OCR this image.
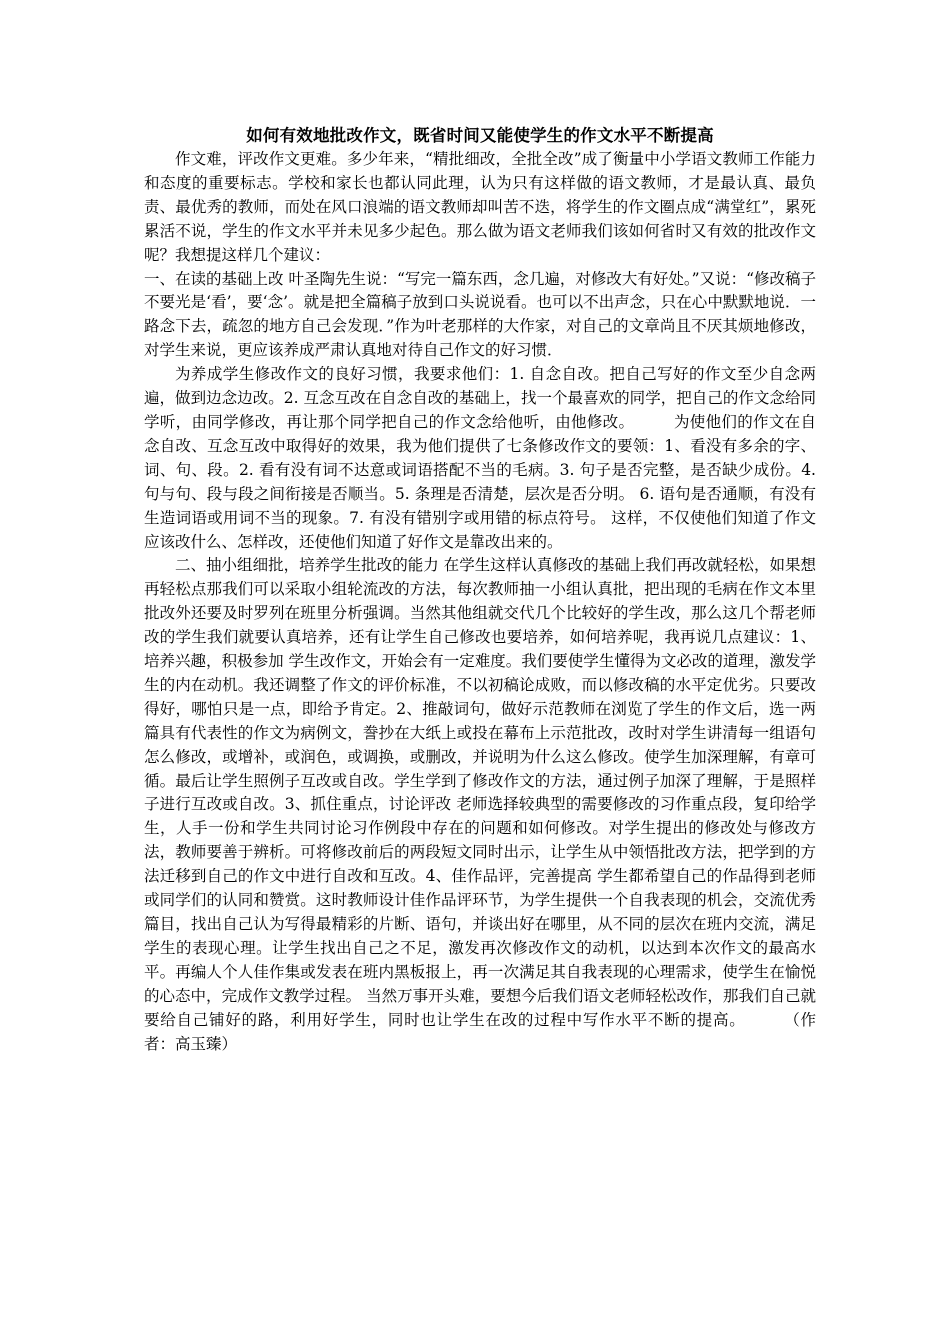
如何有效地批改作文，既省时间又能使学生的作文水平不断提高

作文难，评改作文更难。多少年来，“精批细改，全批全改”成了衡量中小学语文教师工作能力和态度的重要标志。学校和家长也都认同此理，认为只有这样做的语文教师，才是最认真、最负责、最优秀的教师，而处在风口浪端的语文教师却叫苦不迭，将学生的作文圈点成“满堂红”，累死累活不说，学生的作文水平并未见多少起色。那么做为语文老师我们该如何省时又有效的批改作文呢？我想提这样几个建议：

一、在读的基础上改 叶圣陶先生说：“写完一篇东西，念几遍，对修改大有好处。”又说：“修改稿子不要光是‘看’，要‘念’。就是把全篇稿子放到口头说说看。也可以不出声念，只在心中默默地说．一路念下去，疏忽的地方自己会发现．”作为叶老那样的大作家，对自己的文章尚且不厌其烦地修改，对学生来说，更应该养成严肃认真地对待自己作文的好习惯．

为养成学生修改作文的良好习惯，我要求他们：1. 自念自改。把自己写好的作文至少自念两遍，做到边念边改。2. 互念互改在自念自改的基础上，找一个最喜欢的同学，把自己的作文念给同学听，由同学修改，再让那个同学把自己的作文念给他听，由他修改。　　　为使他们的作文在自念自改、互念互改中取得好的效果，我为他们提供了七条修改作文的要领：1、看没有多余的字、词、句、段。2. 看有没有词不达意或词语搭配不当的毛病。3. 句子是否完整，是否缺少成份。4. 句与句、段与段之间衔接是否顺当。5. 条理是否清楚，层次是否分明。 6. 语句是否通顺，有没有生造词语或用词不当的现象。7. 有没有错别字或用错的标点符号。 这样，不仅使他们知道了作文应该改什么、怎样改，还使他们知道了好作文是靠改出来的。

二、抽小组细批，培养学生批改的能力 在学生这样认真修改的基础上我们再改就轻松，如果想再轻松点那我们可以采取小组轮流改的方法，每次教师抽一小组认真批，把出现的毛病在作文本里批改外还要及时罗列在班里分析强调。当然其他组就交代几个比较好的学生改，那么这几个帮老师改的学生我们就要认真培养，还有让学生自己修改也要培养，如何培养呢，我再说几点建议：1、培养兴趣，积极参加 学生改作文，开始会有一定难度。我们要使学生懂得为文必改的道理，激发学生的内在动机。我还调整了作文的评价标准，不以初稿论成败，而以修改稿的水平定优劣。只要改得好，哪怕只是一点，即给予肯定。2、推敲词句，做好示范教师在浏览了学生的作文后，选一两篇具有代表性的作文为病例文，誊抄在大纸上或投在幕布上示范批改，改时对学生讲清每一组语句怎么修改，或增补，或润色，或调换，或删改，并说明为什么这么修改。使学生加深理解，有章可循。最后让学生照例子互改或自改。学生学到了修改作文的方法，通过例子加深了理解，于是照样子进行互改或自改。3、抓住重点，讨论评改 老师选择较典型的需要修改的习作重点段，复印给学生，人手一份和学生共同讨论习作例段中存在的问题和如何修改。对学生提出的修改处与修改方法，教师要善于辨析。可将修改前后的两段短文同时出示，让学生从中领悟批改方法，把学到的方法迁移到自己的作文中进行自改和互改。4、佳作品评，完善提高 学生都希望自己的作品得到老师或同学们的认同和赞赏。这时教师设计佳作品评环节，为学生提供一个自我表现的机会，交流优秀篇目，找出自己认为写得最精彩的片断、语句，并谈出好在哪里，从不同的层次在班内交流，满足学生的表现心理。让学生找出自己之不足，激发再次修改作文的动机，以达到本次作文的最高水平。再编人个人佳作集或发表在班内黑板报上，再一次满足其自我表现的心理需求，使学生在愉悦的心态中，完成作文教学过程。 当然万事开头难，要想今后我们语文老师轻松改作，那我们自己就要给自己铺好的路，利用好学生，同时也让学生在改的过程中写作水平不断的提高。	（作者：高玉臻）
